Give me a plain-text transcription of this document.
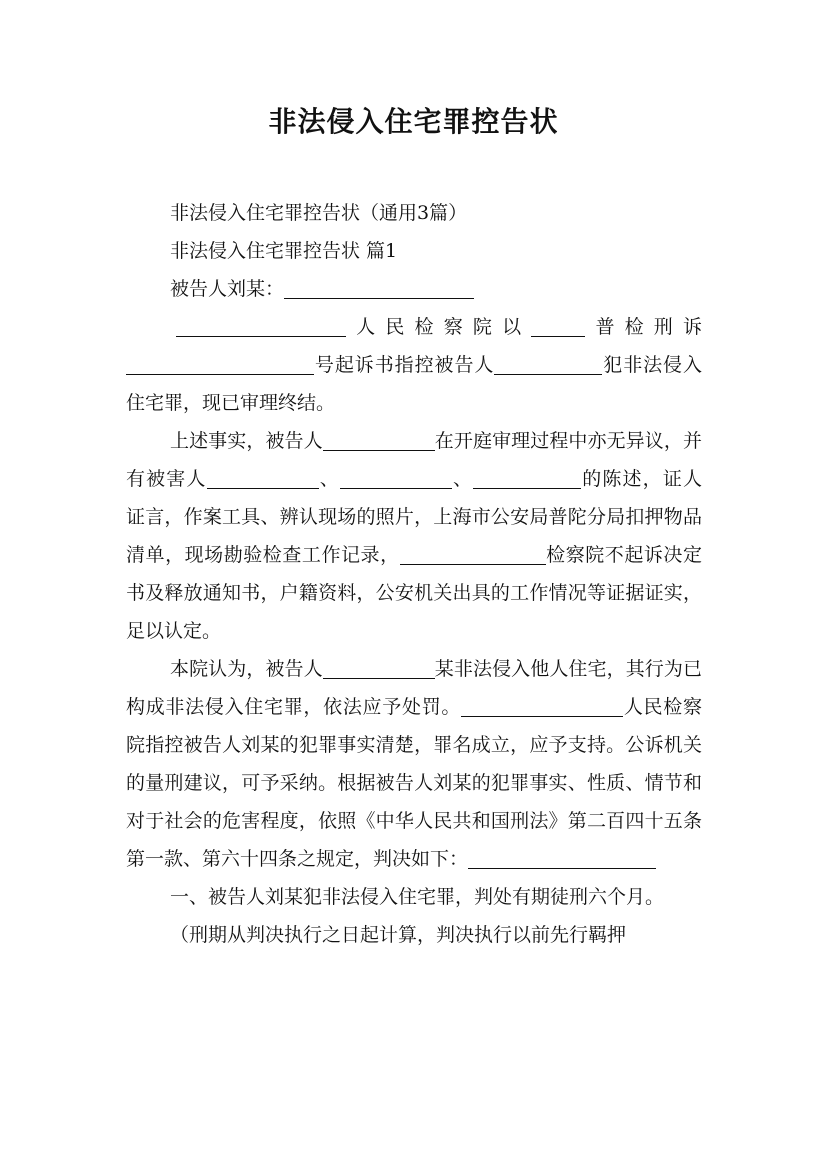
非法侵入住宅罪控告状

非法侵入住宅罪控告状（通用3篇）

非法侵入住宅罪控告状 篇1

被告人刘某：

人民检察院以	普检刑诉号起诉书指控被告人	犯非法侵入住宅罪，现已审理终结。

上述事实，被告人	在开庭审理过程中亦无异议，并有被害人	、	、	的陈述，证人证言，作案工具、辨认现场的照片，上海市公安局普陀分局扣押物品清单，现场勘验检查工作记录，	检察院不起诉决定书及释放通知书，户籍资料，公安机关出具的工作情况等证据证实，足以认定。

本院认为，被告人	某非法侵入他人住宅，其行为已构成非法侵入住宅罪，依法应予处罚。	人民检察院指控被告人刘某的犯罪事实清楚，罪名成立，应予支持。公诉机关的量刑建议，可予采纳。根据被告人刘某的犯罪事实、性质、情节和对于社会的危害程度，依照《中华人民共和国刑法》第二百四十五条第一款、第六十四条之规定，判决如下：

一、被告人刘某犯非法侵入住宅罪，判处有期徒刑六个月。

（刑期从判决执行之日起计算，判决执行以前先行羁押
